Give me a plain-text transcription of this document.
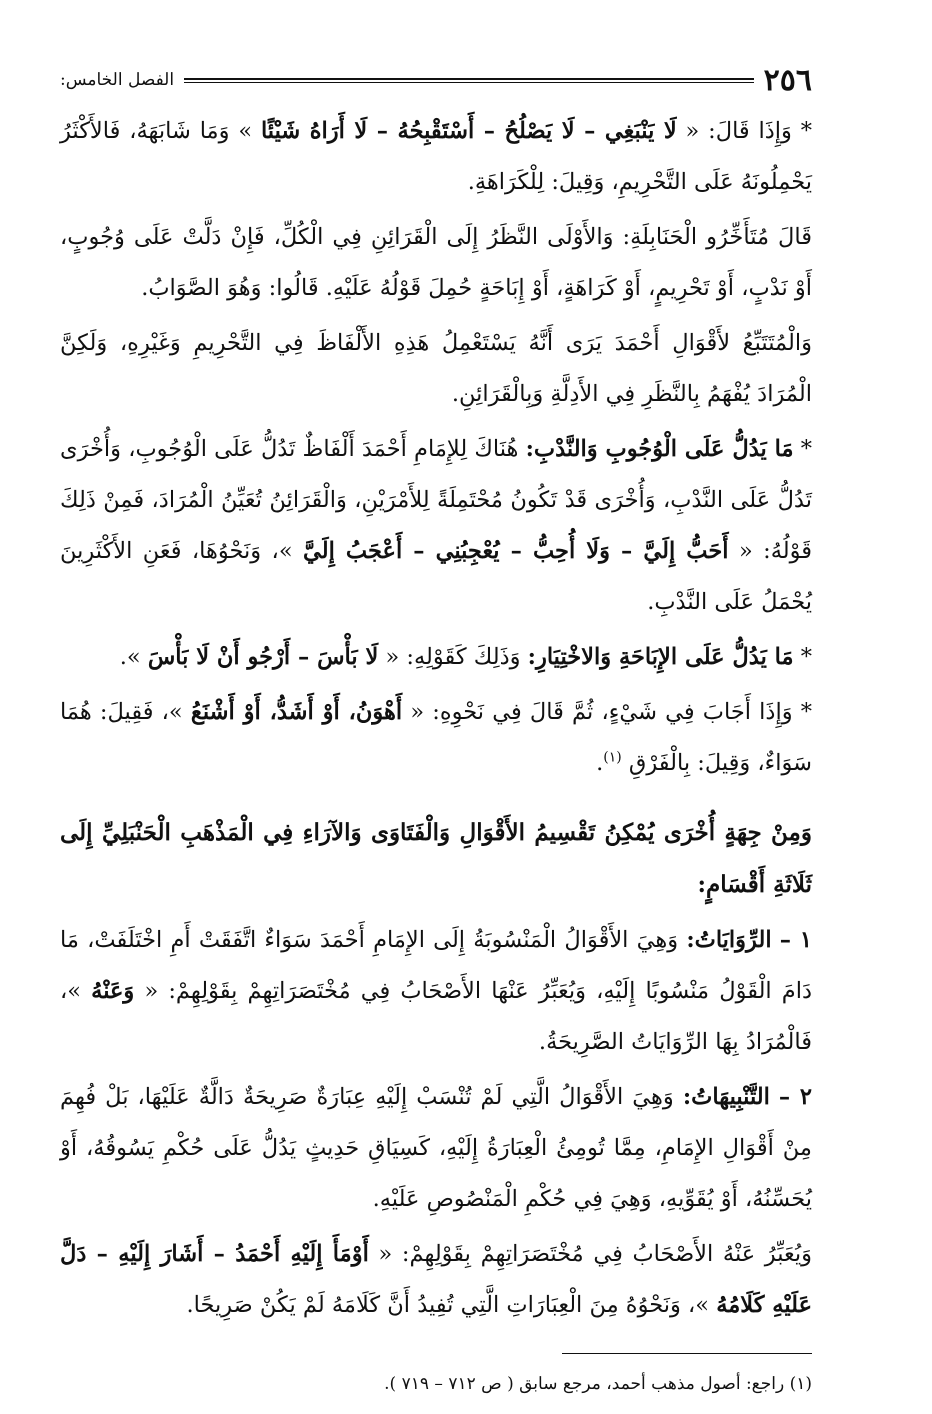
٢٥٦
الفصل الخامس:

* وَإِذَا قَالَ: « لَا يَنْبَغِي – لَا يَصْلُحُ – أَسْتَقْبِحُهُ – لَا أَرَاهُ شَيْئًا » وَمَا شَابَهَهُ، فَالأَكْثَرُ يَحْمِلُونَهُ عَلَى التَّحْرِيمِ، وَقِيلَ: لِلْكَرَاهَةِ.

قَالَ مُتَأَخِّرُو الْحَنَابِلَةِ: وَالأَوْلَى النَّظَرُ إِلَى الْقَرَائِنِ فِي الْكُلِّ، فَإِنْ دَلَّتْ عَلَى وُجُوبٍ، أَوْ نَدْبٍ، أَوْ تَحْرِيمٍ، أَوْ كَرَاهَةٍ، أَوْ إِبَاحَةٍ حُمِلَ قَوْلُهُ عَلَيْهِ. قَالُوا: وَهُوَ الصَّوَابُ.

وَالْمُتَتَبِّعُ لأَقْوَالِ أَحْمَدَ يَرَى أَنَّهُ يَسْتَعْمِلُ هَذِهِ الأَلْفَاظَ فِي التَّحْرِيمِ وَغَيْرِهِ، وَلَكِنَّ الْمُرَادَ يُفْهَمُ بِالنَّظَرِ فِي الأَدِلَّةِ وَبِالْقَرَائِنِ.

* مَا يَدُلُّ عَلَى الْوُجُوبِ وَالنَّدْبِ: هُنَاكَ لِلإِمَامِ أَحْمَدَ أَلْفَاظٌ تَدُلُّ عَلَى الْوُجُوبِ، وَأُخْرَى تَدُلُّ عَلَى النَّدْبِ، وَأُخْرَى قَدْ تَكُونُ مُحْتَمِلَةً لِلأَمْرَيْنِ، وَالْقَرَائِنُ تُعَيِّنُ الْمُرَادَ، فَمِنْ ذَلِكَ قَوْلُهُ: « أَحَبُّ إِلَيَّ – وَلَا أُحِبُّ – يُعْجِبُنِي – أَعْجَبُ إِلَيَّ »، وَنَحْوُهَا، فَعَنِ الأَكْثَرِينَ يُحْمَلُ عَلَى النَّدْبِ.

* مَا يَدُلُّ عَلَى الإِبَاحَةِ وَالاخْتِيَارِ: وَذَلِكَ كَقَوْلِهِ: « لَا بَأْسَ – أَرْجُو أَنْ لَا بَأْسَ ».

* وَإِذَا أَجَابَ فِي شَيْءٍ، ثُمَّ قَالَ فِي نَحْوِهِ: « أَهْوَنُ، أَوْ أَشَدُّ، أَوْ أَشْنَعُ »، فَقِيلَ: هُمَا سَوَاءٌ، وَقِيلَ: بِالْفَرْقِ $^{(١)}$.

وَمِنْ جِهَةٍ أُخْرَى يُمْكِنُ تَقْسِيمُ الأَقْوَالِ وَالْفَتَاوَى وَالآرَاءِ فِي الْمَذْهَبِ الْحَنْبَلِيِّ إِلَى ثَلَاثَةِ أَقْسَامٍ:

١ – الرِّوَايَاتُ: وَهِيَ الأَقْوَالُ الْمَنْسُوبَةُ إِلَى الإِمَامِ أَحْمَدَ سَوَاءٌ اتَّفَقَتْ أَمِ اخْتَلَفَتْ، مَا دَامَ الْقَوْلُ مَنْسُوبًا إِلَيْهِ، وَيُعَبِّرُ عَنْهَا الأَصْحَابُ فِي مُخْتَصَرَاتِهِمْ بِقَوْلِهِمْ: « وَعَنْهُ »، فَالْمُرَادُ بِهَا الرِّوَايَاتُ الصَّرِيحَةُ.

٢ – التَّنْبِيهَاتُ: وَهِيَ الأَقْوَالُ الَّتِي لَمْ تُنْسَبْ إِلَيْهِ عِبَارَةٌ صَرِيحَةٌ دَالَّةٌ عَلَيْهَا، بَلْ فُهِمَ مِنْ أَقْوَالِ الإِمَامِ، مِمَّا تُومِئُ الْعِبَارَةُ إِلَيْهِ، كَسِيَاقِ حَدِيثٍ يَدُلُّ عَلَى حُكْمِ يَسُوقُهُ، أَوْ يُحَسِّنُهُ، أَوْ يُقَوِّيهِ، وَهِيَ فِي حُكْمِ الْمَنْصُوصِ عَلَيْهِ.

وَيُعَبِّرُ عَنْهُ الأَصْحَابُ فِي مُخْتَصَرَاتِهِمْ بِقَوْلِهِمْ: « أَوْمَأَ إِلَيْهِ أَحْمَدُ – أَشَارَ إِلَيْهِ – دَلَّ عَلَيْهِ كَلَامُهُ »، وَنَحْوُهُ مِنَ الْعِبَارَاتِ الَّتِي تُفِيدُ أَنَّ كَلَامَهُ لَمْ يَكُنْ صَرِيحًا.

(١) راجع: أصول مذهب أحمد، مرجع سابق ( ص ٧١٢ – ٧١٩ ).
